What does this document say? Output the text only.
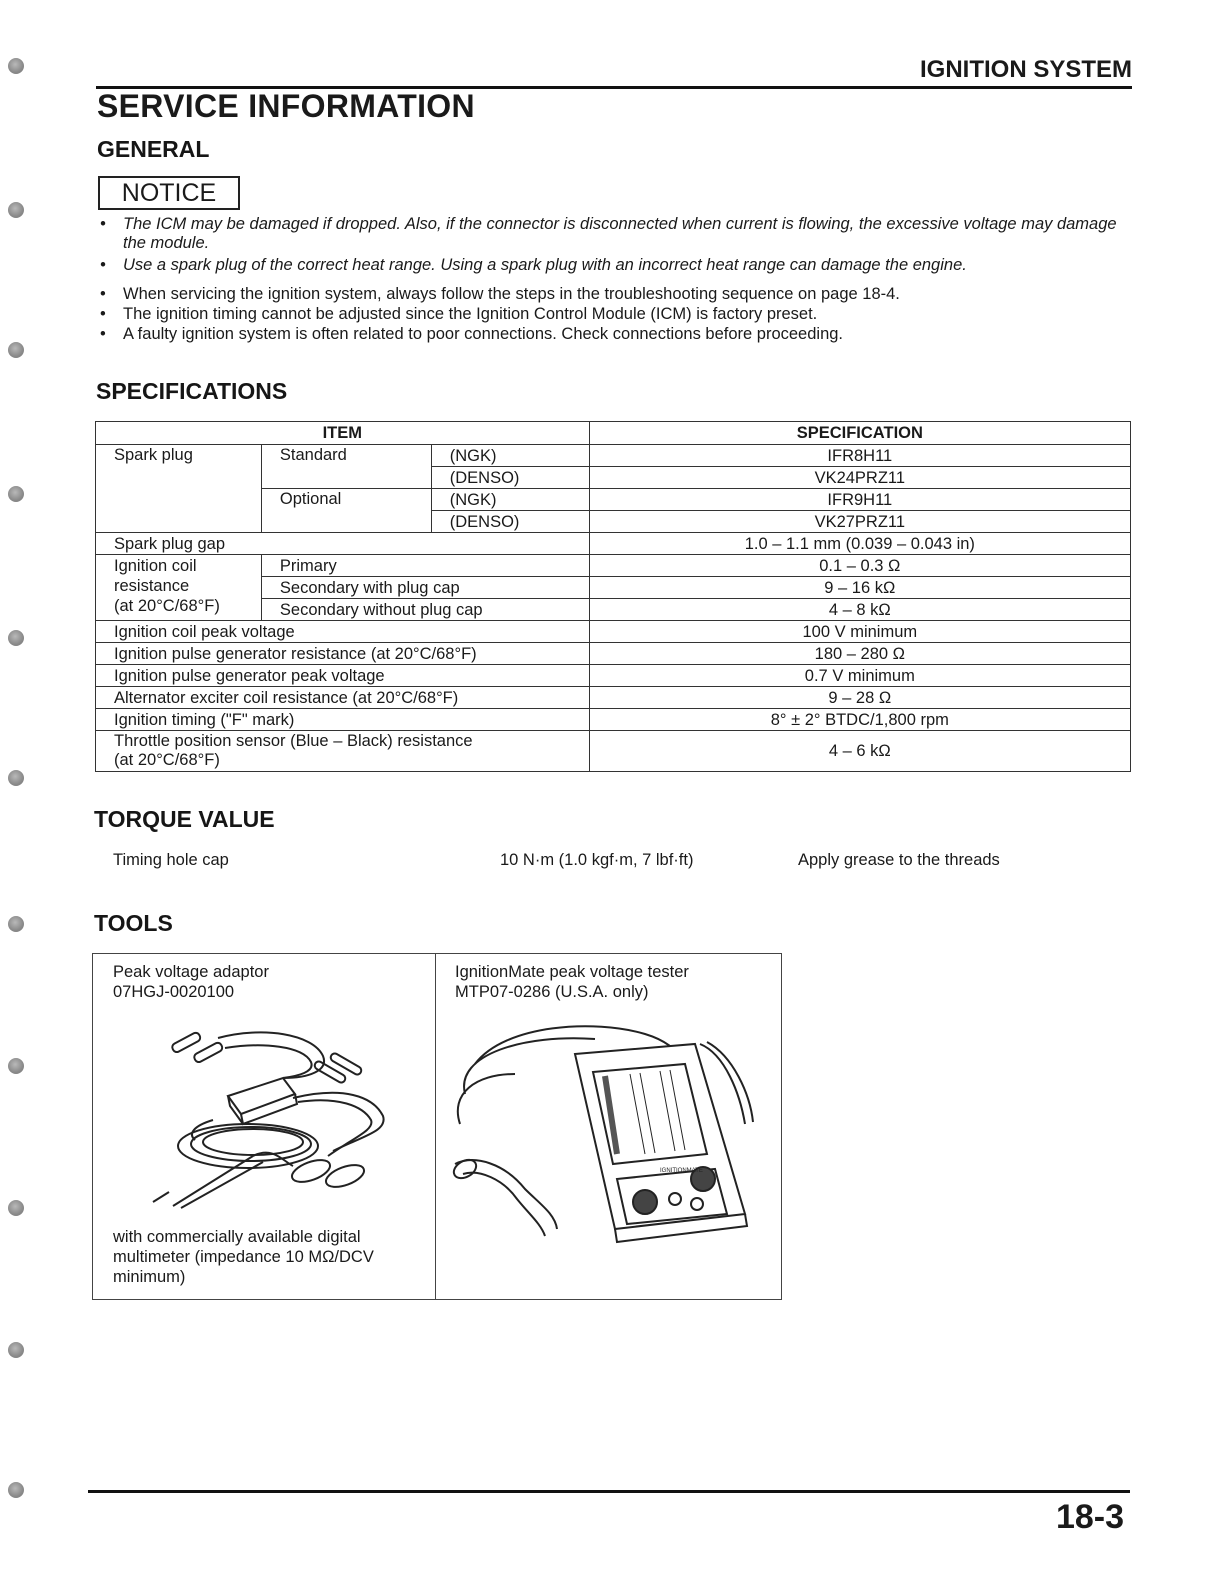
IGNITION SYSTEM
SERVICE INFORMATION
GENERAL
NOTICE
•	The ICM may be damaged if dropped. Also, if the connector is disconnected when current is flowing, the excessive voltage may damage the module.
•	Use a spark plug of the correct heat range. Using a spark plug with an incorrect heat range can damage the engine.
•	When servicing the ignition system, always follow the steps in the troubleshooting sequence on page 18-4.
•	The ignition timing cannot be adjusted since the Ignition Control Module (ICM) is factory preset.
•	A faulty ignition system is often related to poor connections. Check connections before proceeding.
SPECIFICATIONS
ITEM			SPECIFICATION
Spark plug	Standard	(NGK)	IFR8H11
		(DENSO)	VK24PRZ11
	Optional	(NGK)	IFR9H11
		(DENSO)	VK27PRZ11
Spark plug gap			1.0 – 1.1 mm (0.039 – 0.043 in)
Ignition coil
resistance
(at 20°C/68°F)	Primary		0.1 – 0.3 Ω
	Secondary with plug cap		9 – 16 kΩ
	Secondary without plug cap		4 – 8 kΩ
Ignition coil peak voltage			100 V minimum
Ignition pulse generator resistance (at 20°C/68°F)			180 – 280 Ω
Ignition pulse generator peak voltage			0.7 V minimum
Alternator exciter coil resistance (at 20°C/68°F)			9 – 28 Ω
Ignition timing ("F" mark)			8° ± 2° BTDC/1,800 rpm
Throttle position sensor (Blue – Black) resistance
(at 20°C/68°F)			4 – 6 kΩ
TORQUE VALUE
Timing hole cap	10 N·m (1.0 kgf·m, 7 lbf·ft)	Apply grease to the threads
TOOLS
Peak voltage adaptor
07HGJ-0020100
with commercially available digital
multimeter (impedance 10 MΩ/DCV
minimum)
IgnitionMate peak voltage tester
MTP07-0286 (U.S.A. only)
IGNITIONMATE
18-3
